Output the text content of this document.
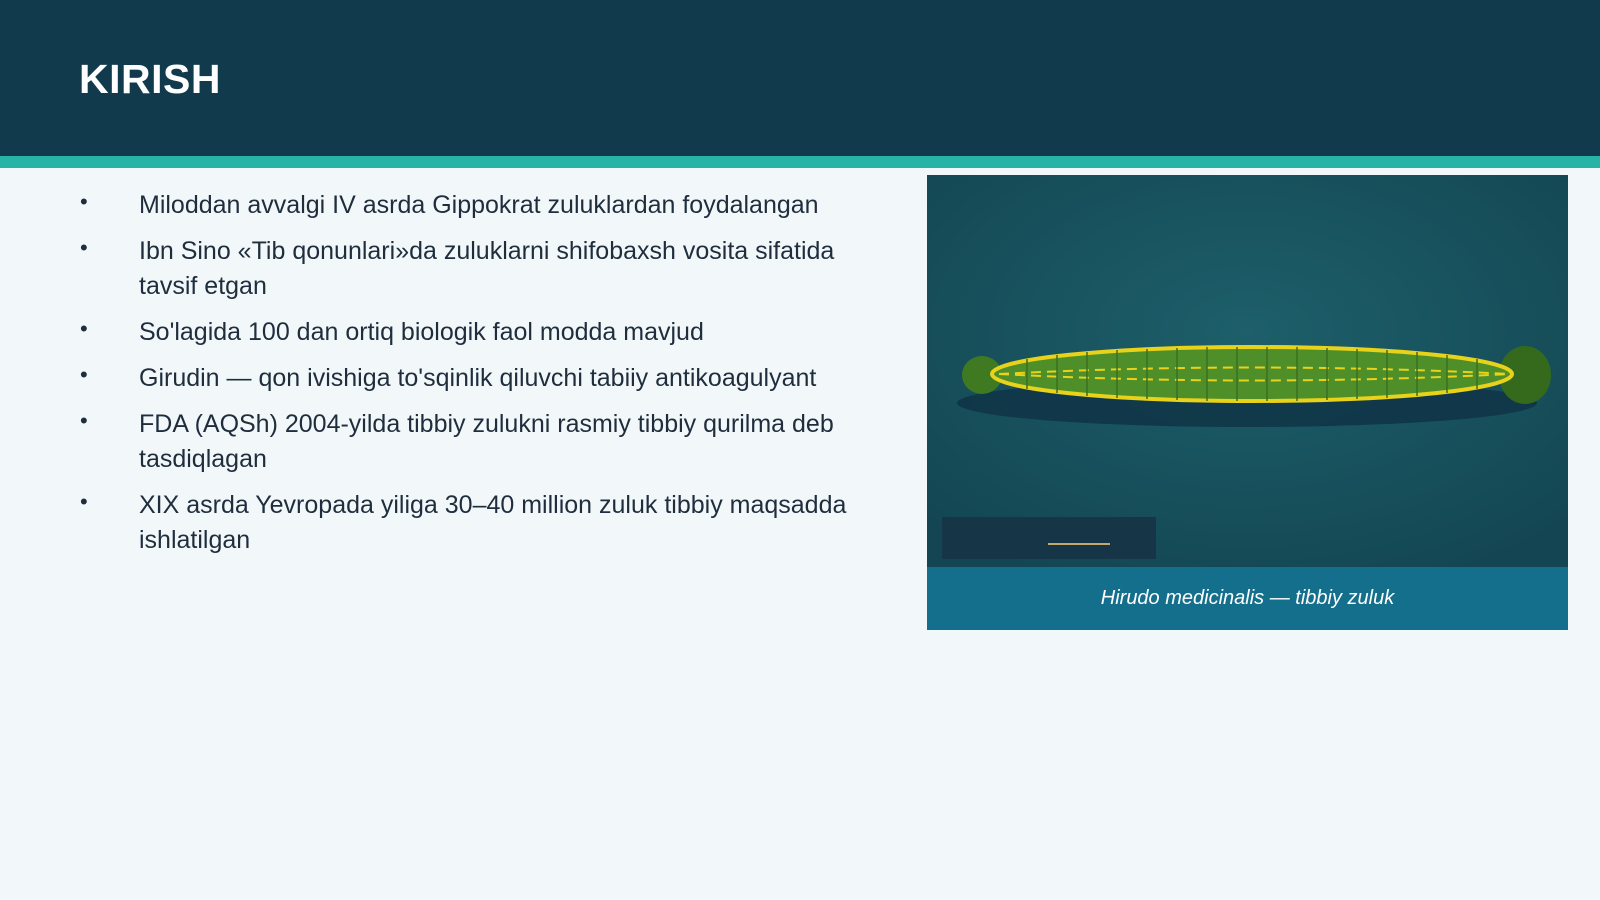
KIRISH
• Miloddan avvalgi IV asrda Gippokrat zuluklardan foydalangan
• Ibn Sino «Tib qonunlari»da zuluklarni shifobaxsh vosita sifatida tavsif etgan
• So'lagida 100 dan ortiq biologik faol modda mavjud
• Girudin — qon ivishiga to'sqinlik qiluvchi tabiiy antikoagulyant
• FDA (AQSh) 2004-yilda tibbiy zulukni rasmiy tibbiy qurilma deb tasdiqlagan
• XIX asrda Yevropada yiliga 30–40 million zuluk tibbiy maqsadda ishlatilgan
Hirudo medicinalis — tibbiy zuluk
